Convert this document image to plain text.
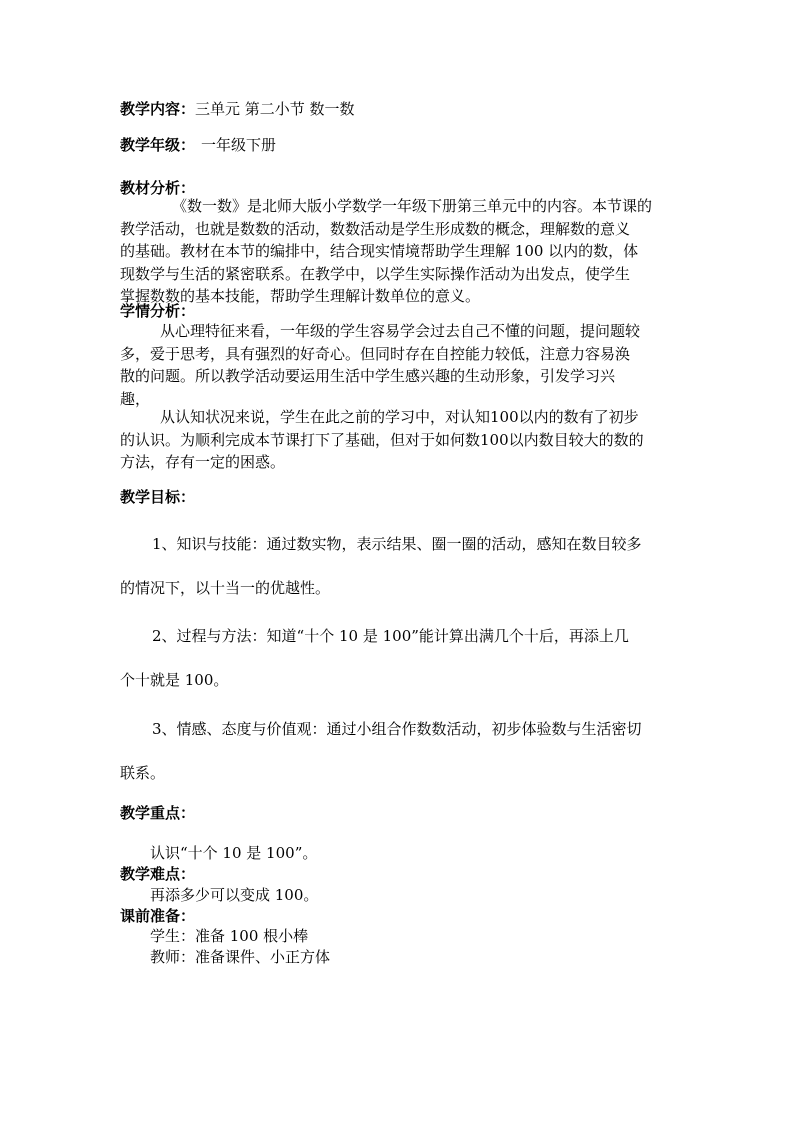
教学内容：三单元 第二小节 数一数
教学年级： 一年级下册
教材分析：
《数一数》是北师大版小学数学一年级下册第三单元中的内容。本节课的
教学活动，也就是数数的活动，数数活动是学生形成数的概念，理解数的意义
的基础。教材在本节的编排中，结合现实情境帮助学生理解 100 以内的数，体
现数学与生活的紧密联系。在教学中，以学生实际操作活动为出发点，使学生
掌握数数的基本技能，帮助学生理解计数单位的意义。
学情分析：
从心理特征来看，一年级的学生容易学会过去自己不懂的问题，提问题较
多，爱于思考，具有强烈的好奇心。但同时存在自控能力较低，注意力容易涣
散的问题。所以教学活动要运用生活中学生感兴趣的生动形象，引发学习兴
趣，
从认知状况来说，学生在此之前的学习中，对认知100以内的数有了初步
的认识。为顺利完成本节课打下了基础，但对于如何数100以内数目较大的数的
方法，存有一定的困惑。
教学目标：
1、知识与技能：通过数实物，表示结果、圈一圈的活动，感知在数目较多
的情况下，以十当一的优越性。
2、过程与方法：知道“十个 10 是 100”能计算出满几个十后，再添上几
个十就是 100。
3、情感、态度与价值观：通过小组合作数数活动，初步体验数与生活密切
联系。
教学重点：
认识“十个 10 是 100”。
教学难点：
再添多少可以变成 100。
课前准备：
学生：准备 100 根小棒
教师：准备课件、小正方体
